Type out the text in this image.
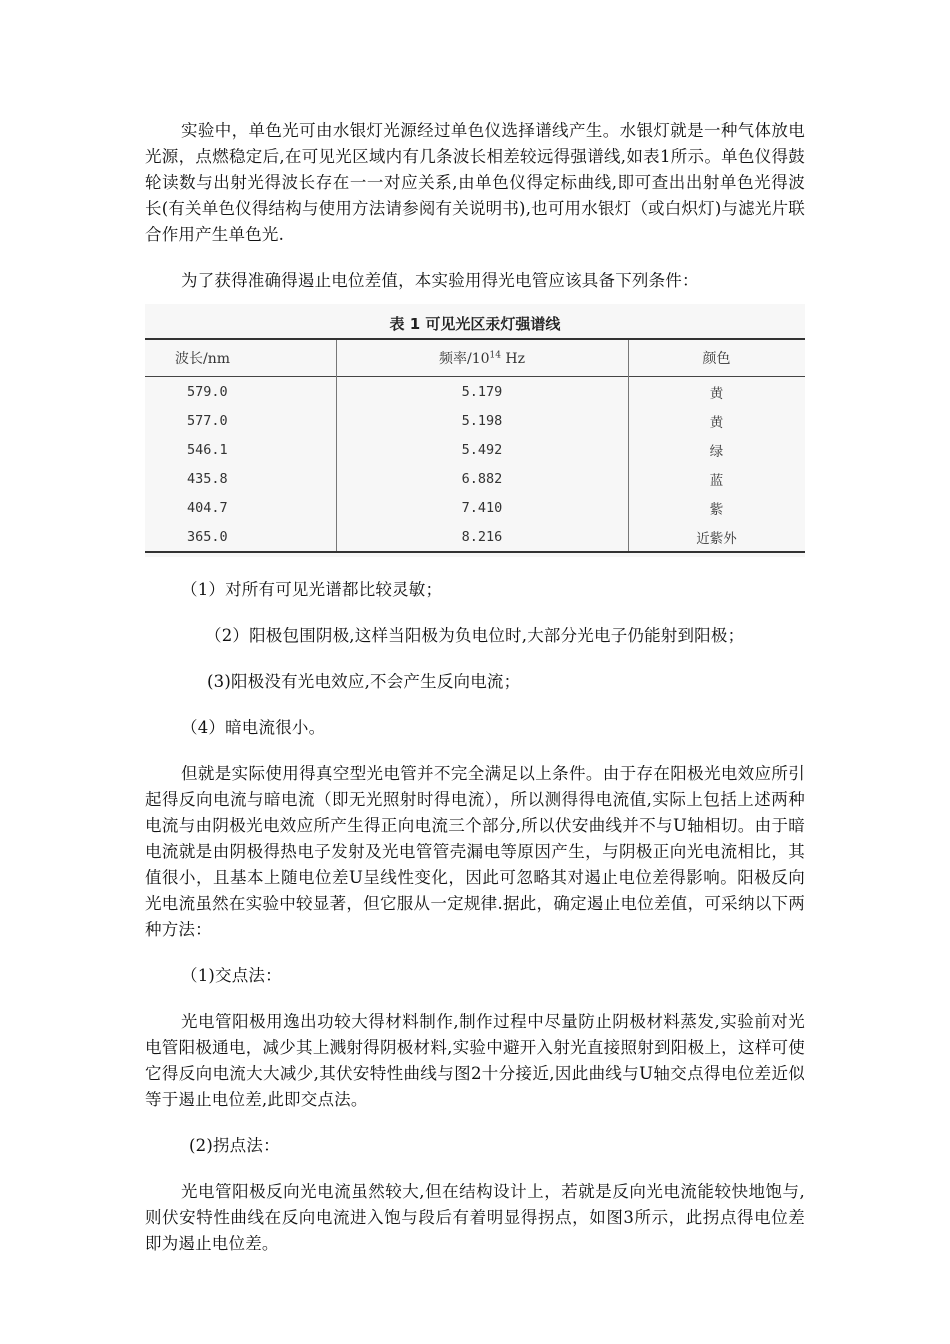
实验中，单色光可由水银灯光源经过单色仪选择谱线产生。水银灯就是一种气体放电光源，点燃稳定后,在可见光区域内有几条波长相差较远得强谱线,如表1所示。单色仪得鼓轮读数与出射光得波长存在一一对应关系,由单色仪得定标曲线,即可查出出射单色光得波长(有关单色仪得结构与使用方法请参阅有关说明书),也可用水银灯（或白炽灯)与滤光片联合作用产生单色光.

为了获得准确得遏止电位差值，本实验用得光电管应该具备下列条件：

表 1 可见光区汞灯强谱线
波长/nm	频率$/10^{14}$ Hz	颜色
579.0	5.179	黄
577.0	5.198	黄
546.1	5.492	绿
435.8	6.882	蓝
404.7	7.410	紫
365.0	8.216	近紫外

（1）对所有可见光谱都比较灵敏；

（2）阳极包围阴极,这样当阳极为负电位时,大部分光电子仍能射到阳极；

(3)阳极没有光电效应,不会产生反向电流；

（4）暗电流很小。

但就是实际使用得真空型光电管并不完全满足以上条件。由于存在阳极光电效应所引起得反向电流与暗电流（即无光照射时得电流），所以测得得电流值,实际上包括上述两种电流与由阴极光电效应所产生得正向电流三个部分,所以伏安曲线并不与U轴相切。由于暗电流就是由阴极得热电子发射及光电管管壳漏电等原因产生，与阴极正向光电流相比，其值很小，且基本上随电位差U呈线性变化，因此可忽略其对遏止电位差得影响。阳极反向光电流虽然在实验中较显著，但它服从一定规律.据此，确定遏止电位差值，可采纳以下两种方法：

（1)交点法：

光电管阳极用逸出功较大得材料制作,制作过程中尽量防止阴极材料蒸发,实验前对光电管阳极通电，减少其上溅射得阴极材料,实验中避开入射光直接照射到阳极上，这样可使它得反向电流大大减少,其伏安特性曲线与图2十分接近,因此曲线与U轴交点得电位差近似等于遏止电位差,此即交点法。

(2)拐点法：

光电管阳极反向光电流虽然较大,但在结构设计上，若就是反向光电流能较快地饱与,则伏安特性曲线在反向电流进入饱与段后有着明显得拐点，如图3所示，此拐点得电位差即为遏止电位差。
